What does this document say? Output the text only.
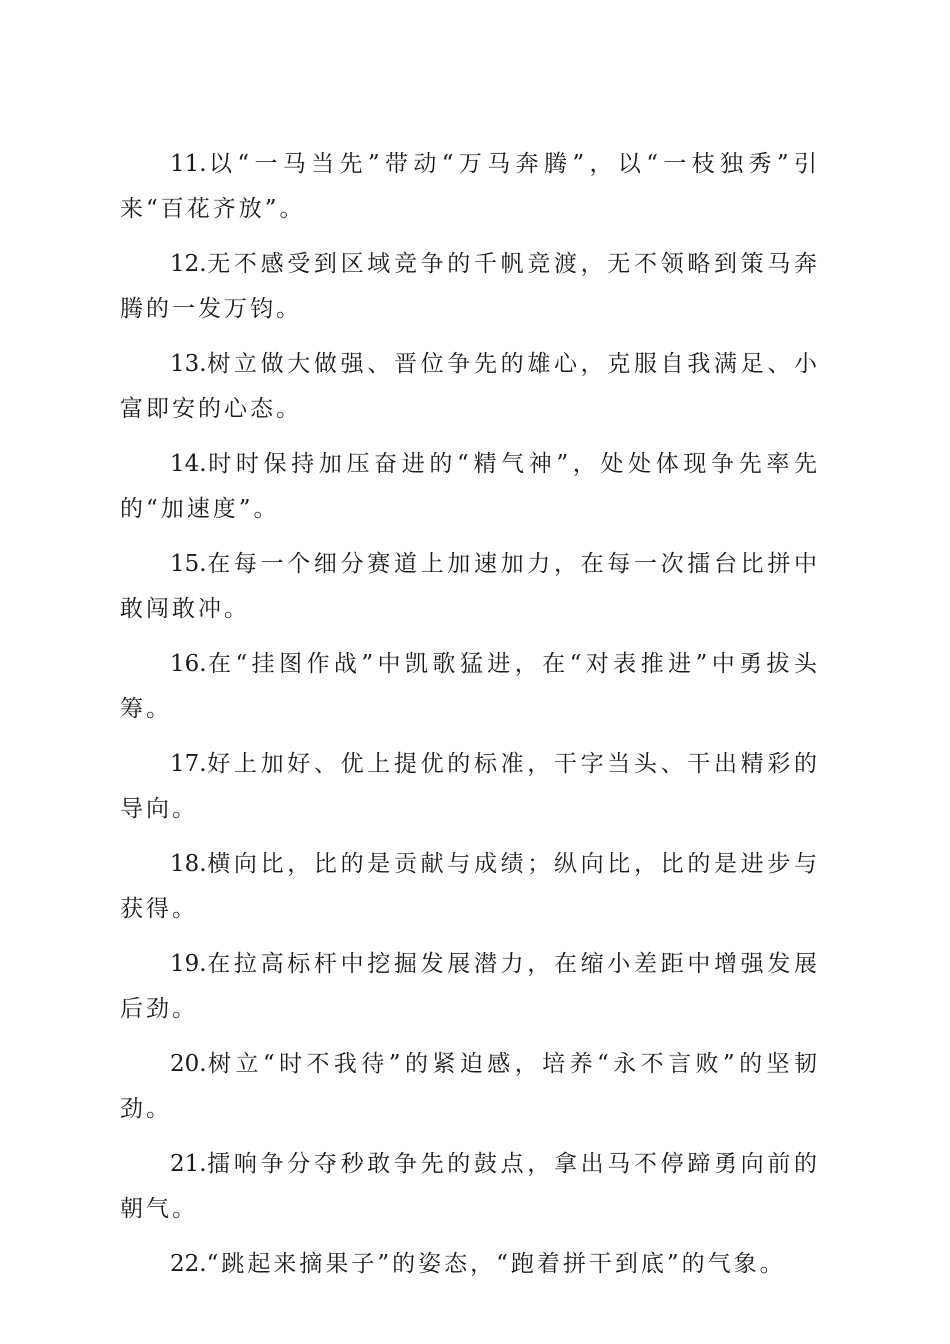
11.以“一马当先”带动“万马奔腾”，以“一枝独秀”引来“百花齐放”。

12.无不感受到区域竞争的千帆竞渡，无不领略到策马奔腾的一发万钧。

13.树立做大做强、晋位争先的雄心，克服自我满足、小富即安的心态。

14.时时保持加压奋进的“精气神”，处处体现争先率先的“加速度”。

15.在每一个细分赛道上加速加力，在每一次擂台比拼中敢闯敢冲。

16.在“挂图作战”中凯歌猛进，在“对表推进”中勇拔头筹。

17.好上加好、优上提优的标准，干字当头、干出精彩的导向。

18.横向比，比的是贡献与成绩；纵向比，比的是进步与获得。

19.在拉高标杆中挖掘发展潜力，在缩小差距中增强发展后劲。

20.树立“时不我待”的紧迫感，培养“永不言败”的坚韧劲。

21.擂响争分夺秒敢争先的鼓点，拿出马不停蹄勇向前的朝气。

22.“跳起来摘果子”的姿态，“跑着拼干到底”的气象。
